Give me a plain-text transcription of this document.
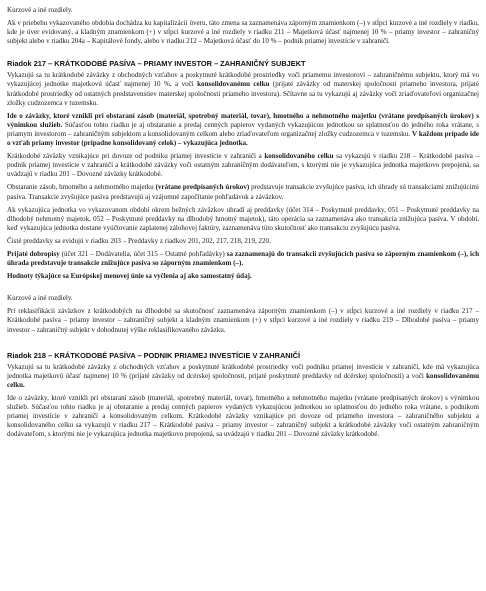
Kurzové a iné rozdiely.

Ak v priebehu vykazovaného obdobia dochádza ku kapitalizácii úveru, táto zmena sa zaznamenáva záporným znamienkom (–) v stĺpci kurzové a iné rozdiely v riadku, kde je úver evidovaný, a kladným znamienkom (+) v stĺpci kurzové a iné rozdiely v riadku 211 – Majetková účasť najmenej 10 % – priamy investor – zahraničný subjekt alebo v riadku 204a – Kapitálové fondy, alebo v riadku 212 – Majetková účasť do 10 % – podnik priamej investície v zahraničí.

Riadok 217 – KRÁTKODOBÉ PASÍVA – PRIAMY INVESTOR – ZAHRANIČNÝ SUBJEKT

Vykazujú sa tu krátkodobé záväzky z obchodných vzťahov a poskytnuté krátkodobé prostriedky voči priamemu investorovi – zahraničnému subjektu, ktorý má vo vykazujúcej jednotke majetkovú účasť najmenej 10 %, a voči konsolidovanému celku (prijaté záväzky od materskej spoločnosti priameho investora, prijaté krátkodobé prostriedky od ostatných predstavenstiev materskej spoločnosti priameho investora). Sčítavne sa tu vykazujú aj záväzky voči zriaďovateľovi organizačnej zložky cudzozemca v tuzemsku.

Ide o záväzky, ktoré vznikli pri obstaraní zásob (materiál, spotrebný materiál, tovar), hmotného a nehmotného majetku (vrátane predpísaných úrokov) s výnimkou služieb. Súčasťou tohto riadku je aj obstaranie a predaj cenných papierov vydaných vykazujúcou jednotkou so splatnosťou do jedného roka vrátane, s priamym investorom – zahraničným subjektom a konsolidovaným celkom alebo zriaďovateľom organizačnej zložky cudzozemca v tuzemsku. V každom prípade ide o vzťah priamy investor (prípadne konsolidovaný celok) – vykazujúca jednotka.

Krátkodobé záväzky vznikajúce pri dovoze od podniku priamej investície v zahraničí a konsolidovaného celku sa vykazujú v riadku 218 – Krátkodobé pasíva – podnik priamej investície v zahraničí a krátkodobé záväzky voči ostatným zahraničným dodávateľom, s ktorými nie je vykazujúca jednotka majetkovo prepojená, sa uvádzajú v riadku 201 – Dovozné záväzky krátkodobé.

Obstaranie zásob, hmotného a nehmotného majetku (vrátane predpísaných úrokov) predstavuje transakcie zvyšujúce pasíva, ich úhrady sú transakciami znižujúcimi pasíva. Transakcie zvyšujúce pasíva predstavujú aj vzájomné započítanie pohľadávok a záväzkov.

Ak vykazujúca jednotka vo vykazovanom období okrem bežných záväzkov uhradí aj preddavky (účet 314 – Poskytnuté preddavky, 051 – Poskytnuté preddavky na dlhodobý nehmotný majetok, 052 – Poskytnuté preddavky na dlhodobý hmotný majetok), táto operácia sa zaznamenáva ako transakcia znižujúca pasíva. V období, keď vykazujúca jednotka dostane vyúčtovanie zaplatenej zálohovej faktúry, zaznamenáva túto skutočnosť ako transakciu zvyšujúcu pasíva.

Čisté preddavky sa evidujú v riadku 203 – Preddavky z riadkov 201, 202, 217, 218, 219, 220.

Prijaté dobropisy (účet 321 – Dodávatelia, účet 315 – Ostatné pohľadávky) sa zaznamenajú do transakcií zvyšujúcich pasíva so záporným znamienkom (–), ich úhrada predstavuje transakcie znižujúce pasíva so záporným znamienkom (–).

Hodnoty týkajúce sa Európskej menovej únie sa vyčlenia aj ako samostatný údaj.

Kurzové a iné rozdiely.

Pri reklasifikácii záväzkov z krátkodobých na dlhodobé sa skutočnosť zaznamenáva záporným znamienkom (–) v stĺpci kurzové a iné rozdiely v riadku 217 – Krátkodobé pasíva – priamy investor – zahraničný subjekt a kladným znamienkom (+) v stĺpci kurzové a iné rozdiely v riadku 219 – Dlhodobé pasíva – priamy investor – zahraničný subjekt v dohodnutej výške reklasifikovaného záväzku.

Riadok 218 – KRÁTKODOBÉ PASÍVA – PODNIK PRIAMEJ INVESTÍCIE V ZAHRANIČÍ

Vykazujú sa tu krátkodobé záväzky z obchodných vzťahov a poskytnuté krátkodobé prostriedky voči podniku priamej investície v zahraničí, kde má vykazujúca jednotka majetkovú účasť najmenej 10 % (prijaté záväzky od dcérskej spoločnosti, prijaté poskytnuté preddavky od dcérskej spoločnosti) a voči konsolidovanému celku.

Ide o záväzky, ktoré vznikli pri obstaraní zásob (materiál, spotrebný materiál, tovar), hmotného a nehmotného majetku (vrátane predpísaných úrokov) s výnimkou služieb. Súčasťou tohto riadku je aj obstaranie a predaj cenných papierov vydaných vykazujúcou jednotkou so splatnosťou do jedného roka vrátane, s podnikom priamej investície v zahraničí a konsolidovaným celkom. Krátkodobé záväzky vznikajúce pri dovoze od priameho investora – zahraničného subjektu a konsolidovaného celku sa vykazujú v riadku 217 – Krátkodobé pasíva – priamy investor – zahraničný subjekt a krátkodobé záväzky voči ostatným zahraničným dodávateľom, s ktorými nie je vykazujúca jednotka majetkovo prepojená, sa uvádzajú v riadku 201 – Dovozné záväzky krátkodobé.
